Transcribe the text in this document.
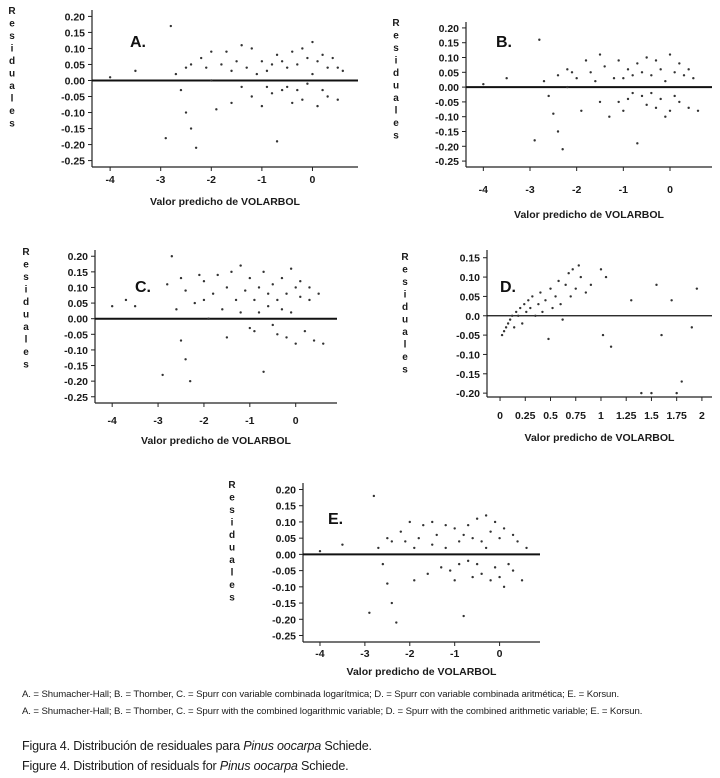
0.20
0.15
0.10
0.05
0.00
-0.05
-0.10
-0.15
-0.20
-0.25
-4	-3	-2	-1	0
R
e
s
i
d
u
a
l
e
s
A.
Valor predicho de VOLARBOL
0.20
0.15
0.10
0.05
0.00
-0.05
-0.10
-0.15
-0.20
-0.25
-4	-3	-2	-1	0
R
e
s
i
d
u
a
l
e
s
B.
Valor predicho de VOLARBOL
0.20
0.15
0.10
0.05
0.00
-0.05
-0.10
-0.15
-0.20
-0.25
-4	-3	-2	-1	0
R
e
s
i
d
u
a
l
e
s
C.
Valor predicho de VOLARBOL
0.15
0.10
0.05
0.0
-0.05
-0.10
-0.15
-0.20
0 0.25 0.5 0.75 1 1.25 1.5 1.75 2
R
e
s
i
d
u
a
l
e
s
D.
Valor predicho de VOLARBOL
0.20
0.15
0.10
0.05
0.00
-0.05
-0.10
-0.15
-0.20
-0.25
-4	-3	-2	-1	0
R
e
s
i
d
u
a
l
e
s
E.
Valor predicho de VOLARBOL
A. = Shumacher-Hall; B. = Thornber, C. = Spurr con variable combinada logarítmica; D. = Spurr con variable combinada aritmética; E. = Korsun.
A. = Shumacher-Hall; B. = Thornber, C. = Spurr with the combined logarithmic variable; D. = Spurr with the combined arithmetic variable; E. = Korsun.
Figura 4. Distribución de residuales para Pinus oocarpa Schiede.
Figure 4. Distribution of residuals for Pinus oocarpa Schiede.
